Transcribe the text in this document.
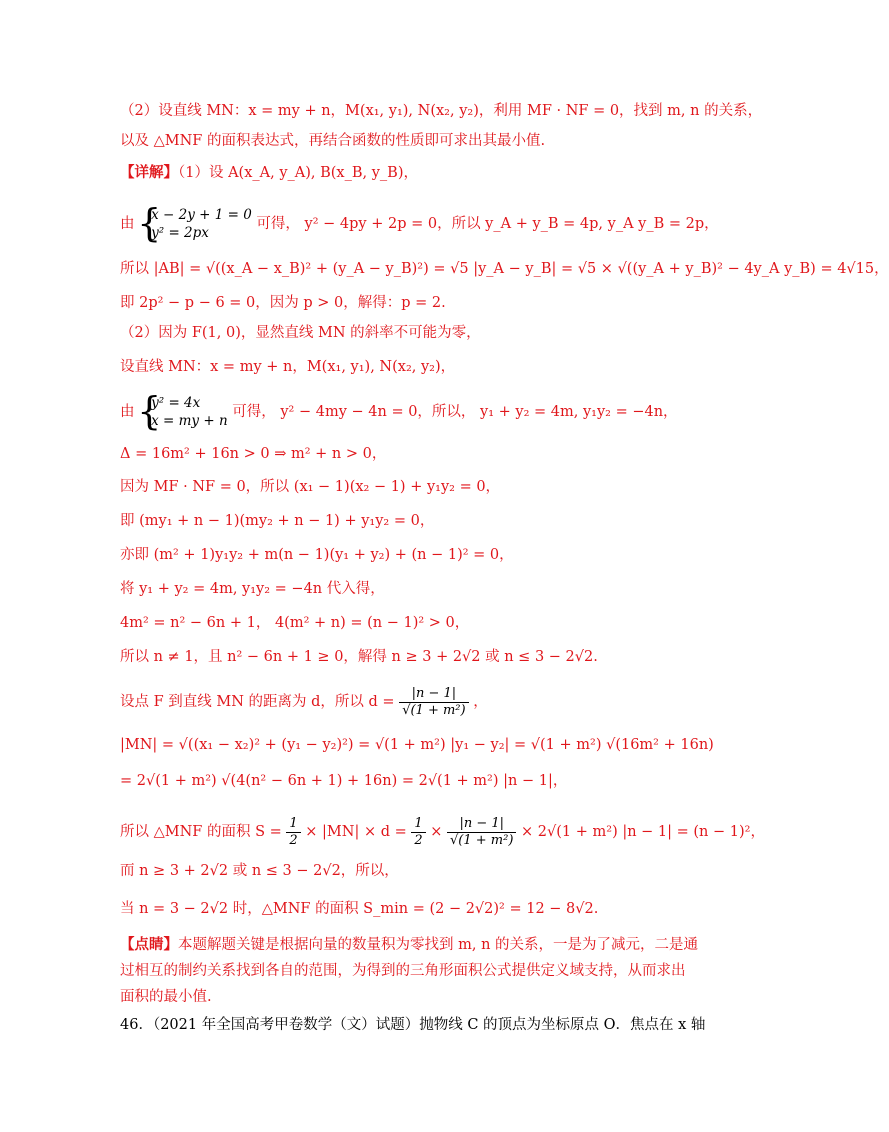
（2）设直线 MN：x = my + n，M(x₁, y₁), N(x₂, y₂)，利用 MF · NF = 0，找到 m, n 的关系，
以及 △MNF 的面积表达式，再结合函数的性质即可求出其最小值.
【详解】（1）设 A(x_A, y_A), B(x_B, y_B)，
由
{ x − 2y + 1 = 0
y² = 2px
可得， y² − 4py + 2p = 0，所以 y_A + y_B = 4p, y_A y_B = 2p，
所以 |AB| = √((x_A − x_B)² + (y_A − y_B)²) = √5 |y_A − y_B| = √5 × √((y_A + y_B)² − 4y_A y_B) = 4√15，
即 2p² − p − 6 = 0，因为 p > 0，解得：p = 2.
（2）因为 F(1, 0)，显然直线 MN 的斜率不可能为零，
设直线 MN：x = my + n，M(x₁, y₁), N(x₂, y₂)，
由
{ y² = 4x
x = my + n
可得， y² − 4my − 4n = 0，所以， y₁ + y₂ = 4m, y₁y₂ = −4n，
Δ = 16m² + 16n > 0 ⇒ m² + n > 0，
因为 MF · NF = 0，所以 (x₁ − 1)(x₂ − 1) + y₁y₂ = 0，
即 (my₁ + n − 1)(my₂ + n − 1) + y₁y₂ = 0，
亦即 (m² + 1)y₁y₂ + m(n − 1)(y₁ + y₂) + (n − 1)² = 0，
将 y₁ + y₂ = 4m, y₁y₂ = −4n 代入得，
4m² = n² − 6n + 1， 4(m² + n) = (n − 1)² > 0，
所以 n ≠ 1，且 n² − 6n + 1 ≥ 0，解得 n ≥ 3 + 2√2 或 n ≤ 3 − 2√2.
设点 F 到直线 MN 的距离为 d，所以 $d = \frac{|n - 1|}{\text{√(1 + m²)}}$ ，
|MN| = √((x₁ − x₂)² + (y₁ − y₂)²) = √(1 + m²) |y₁ − y₂| = √(1 + m²) √(16m² + 16n)
= 2√(1 + m²) √(4(n² − 6n + 1) + 16n) = 2√(1 + m²) |n − 1|，
所以 △MNF 的面积 $S = \frac{1}{2} \times |MN| \times d = \frac{1}{2} \times \frac{|n - 1|}{\text{√(1 + m²)}} \times 2√(1 + m^2) |n - 1| = (n - 1)^2$，
而 n ≥ 3 + 2√2 或 n ≤ 3 − 2√2，所以，
当 n = 3 − 2√2 时，△MNF 的面积 S_min = (2 − 2√2)² = 12 − 8√2.
【点睛】本题解题关键是根据向量的数量积为零找到 m, n 的关系，一是为了减元，二是通
过相互的制约关系找到各自的范围，为得到的三角形面积公式提供定义域支持，从而求出
面积的最小值.
46．（2021 年全国高考甲卷数学（文）试题）抛物线 C 的顶点为坐标原点 O．焦点在 x 轴
